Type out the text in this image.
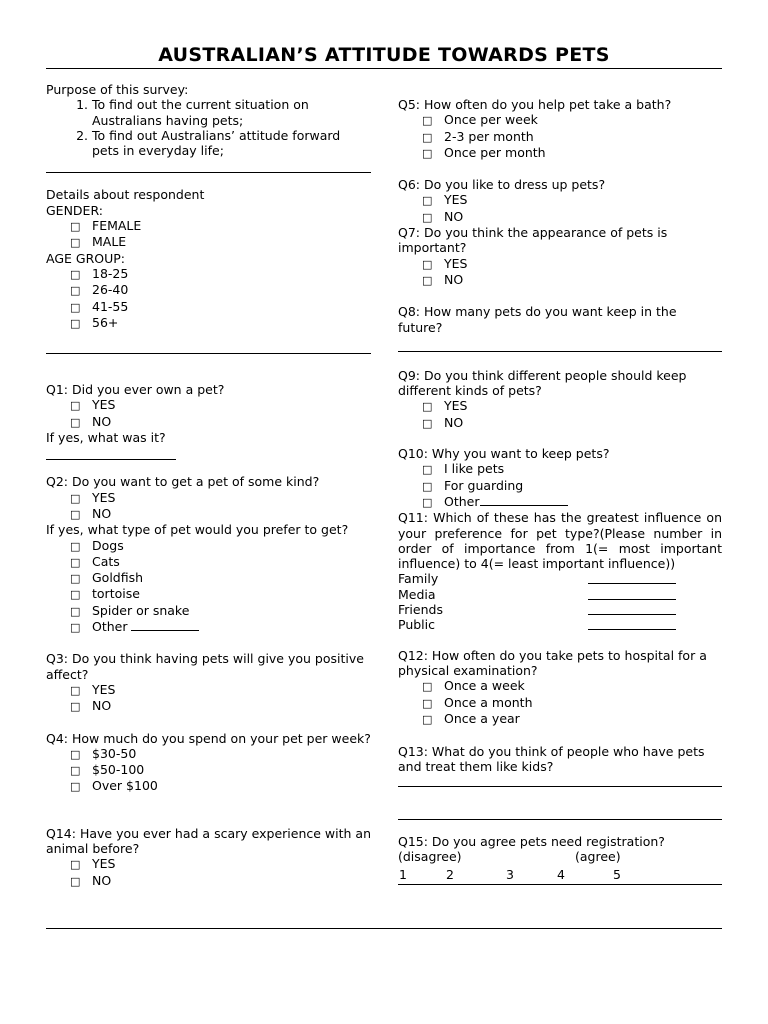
AUSTRALIAN’S ATTITUDE TOWARDS PETS
Purpose of this survey:
1. To find out the current situation on Australians having pets;
2. To find out Australians’ attitude forward pets in everyday life;
Details about respondent
GENDER:
□ FEMALE
□ MALE
AGE GROUP:
□ 18-25
□ 26-40
□ 41-55
□ 56+
Q1: Did you ever own a pet?
□ YES
□ NO
If yes, what was it?
Q2: Do you want to get a pet of some kind?
□ YES
□ NO
If yes, what type of pet would you prefer to get?
□ Dogs
□ Cats
□ Goldfish
□ tortoise
□ Spider or snake
□ Other
Q3: Do you think having pets will give you positive affect?
□ YES
□ NO
Q4: How much do you spend on your pet per week?
□ $30-50
□ $50-100
□ Over $100
Q14: Have you ever had a scary experience with an animal before?
□ YES
□ NO
Q5: How often do you help pet take a bath?
□ Once per week
□ 2-3 per month
□ Once per month
Q6: Do you like to dress up pets?
□ YES
□ NO
Q7: Do you think the appearance of pets is important?
□ YES
□ NO
Q8: How many pets do you want keep in the future?
Q9: Do you think different people should keep different kinds of pets?
□ YES
□ NO
Q10: Why you want to keep pets?
□ I like pets
□ For guarding
□ Other
Q11: Which of these has the greatest influence on your preference for pet type?(Please number in order of importance from 1(= most important influence) to 4(= least important influence))
Family
Media
Friends
Public
Q12: How often do you take pets to hospital for a physical examination?
□ Once a week
□ Once a month
□ Once a year
Q13: What do you think of people who have pets and treat them like kids?
Q15: Do you agree pets need registration?
(disagree)	(agree)
1	2	3	4	5
